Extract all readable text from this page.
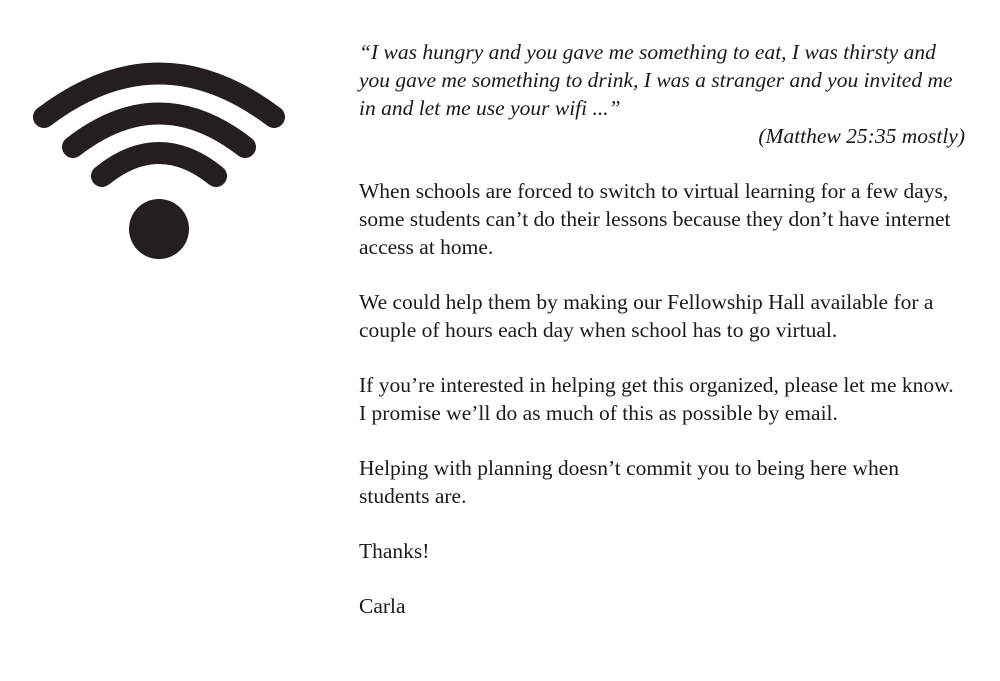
“I was hungry and you gave me something to eat, I was thirsty and you gave me something to drink, I was a stranger and you invited me in and let me use your wifi ...”

(Matthew 25:35 mostly)

When schools are forced to switch to virtual learning for a few days, some students can’t do their lessons because they don’t have internet access at home.

We could help them by making our Fellowship Hall available for a couple of hours each day when school has to go virtual.

If you’re interested in helping get this organized, please let me know. I promise we’ll do as much of this as possible by email.

Helping with planning doesn’t commit you to being here when students are.

Thanks!

Carla
